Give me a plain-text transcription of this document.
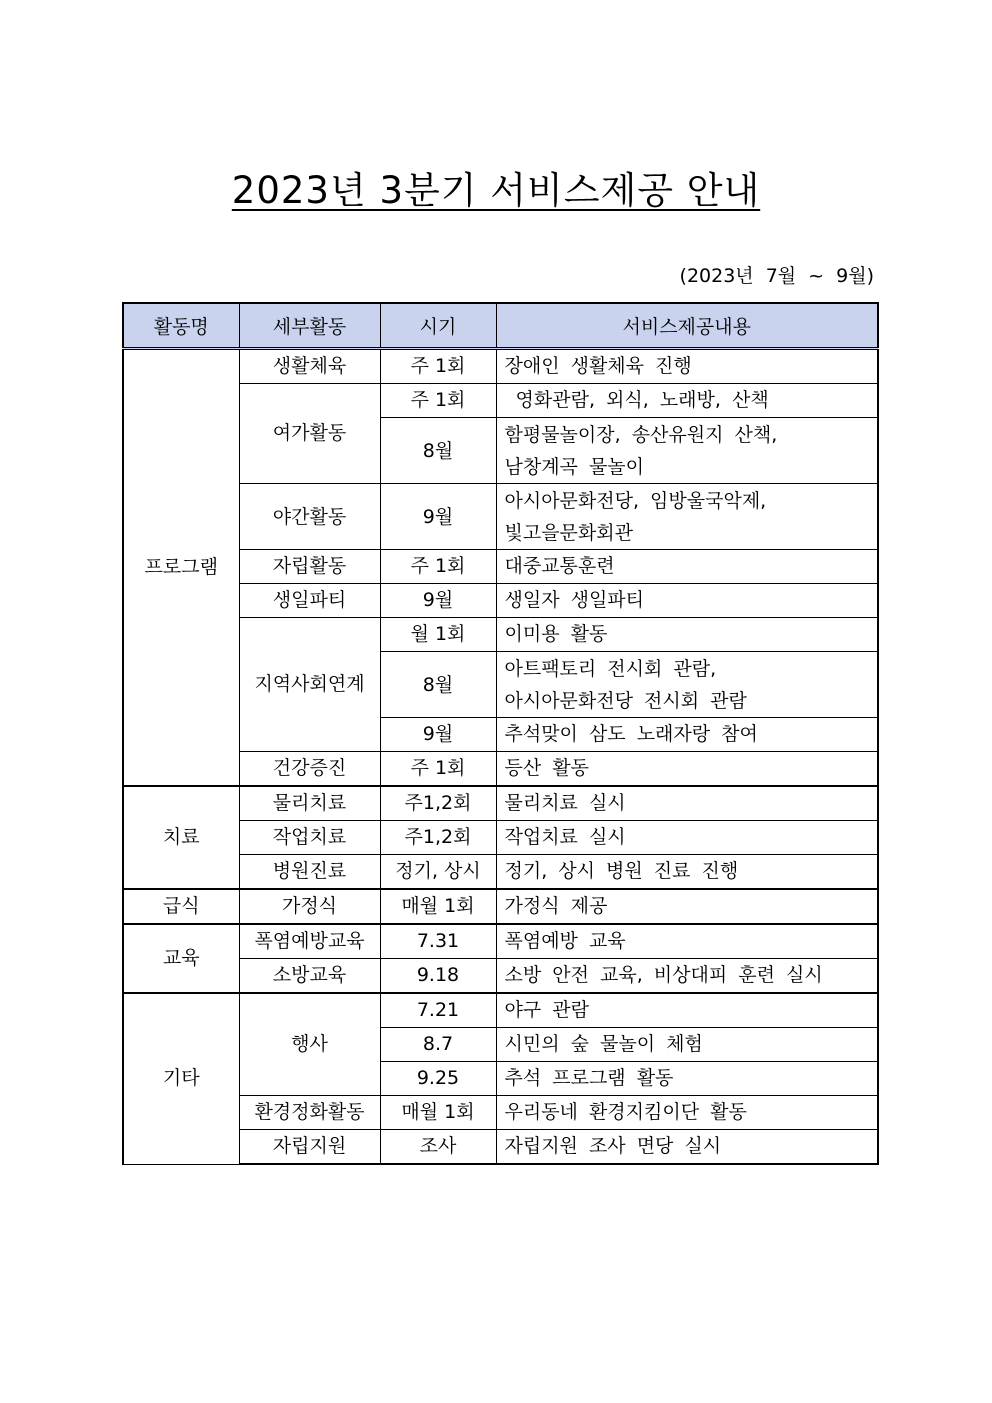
2023년 3분기 서비스제공 안내
(2023년 7월 ~ 9월)
활동명	세부활동	시기	서비스제공내용
프로그램	생활체육	주 1회	장애인 생활체육 진행
	여가활동	주 1회	영화관람, 외식, 노래방, 산책
		8월	함평물놀이장, 송산유원지 산책,
남창계곡 물놀이

	야간활동	9월	아시아문화전당, 임방울국악제,
빛고을문화회관

	자립활동	주 1회	대중교통훈련
	생일파티	9월	생일자 생일파티
	지역사회연계	월 1회	이미용 활동
		8월	아트팩토리 전시회 관람,
아시아문화전당 전시회 관람

		9월	추석맞이 삼도 노래자랑 참여
	건강증진	주 1회	등산 활동
치료	물리치료	주1,2회	물리치료 실시
	작업치료	주1,2회	작업치료 실시
	병원진료	정기, 상시	정기, 상시 병원 진료 진행
급식	가정식	매월 1회	가정식 제공
교육	폭염예방교육	7.31	폭염예방 교육
	소방교육	9.18	소방 안전 교육, 비상대피 훈련 실시
기타	행사	7.21	야구 관람
		8.7	시민의 숲 물놀이 체험
		9.25	추석 프로그램 활동
	환경정화활동	매월 1회	우리동네 환경지킴이단 활동
	자립지원	조사	자립지원 조사 면당 실시
